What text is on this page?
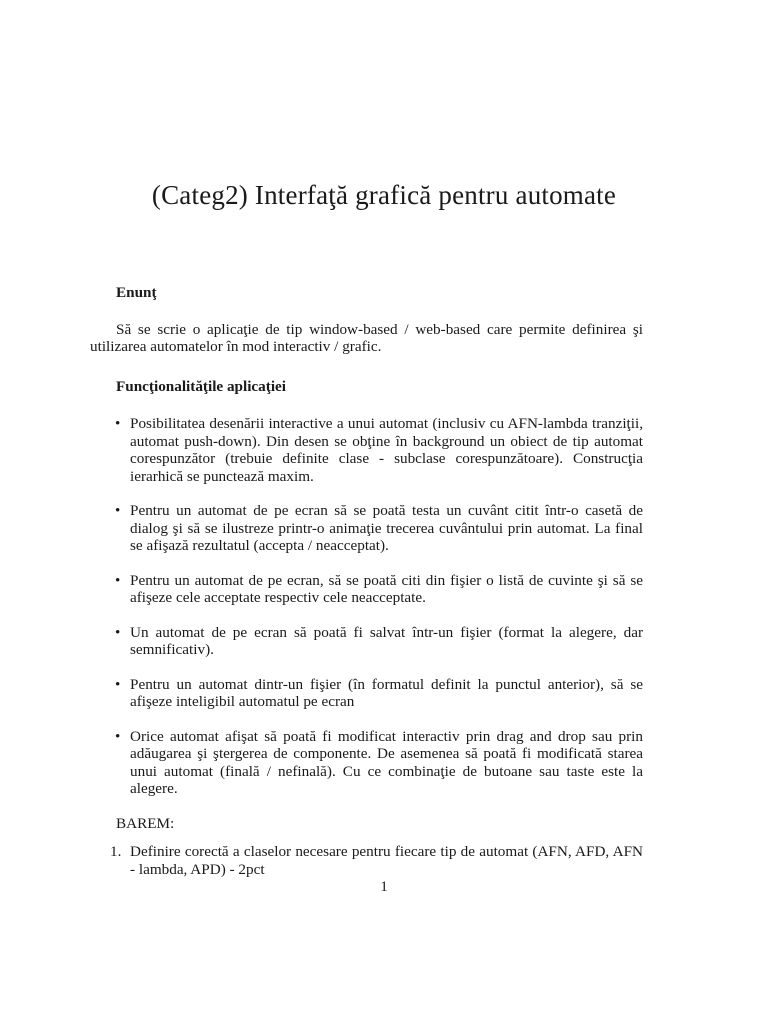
(Categ2) Interfaţă grafică pentru automate
Enunţ

Să se scrie o aplicaţie de tip window-based / web-based care permite definirea şi utilizarea automatelor în mod interactiv / grafic.

Funcţionalităţile aplicaţiei
• Posibilitatea desenării interactive a unui automat (inclusiv cu AFN-lambda tranziţii, automat push-down). Din desen se obţine în background un obiect de tip automat corespunzător (trebuie definite clase - subclase corespunzătoare). Construcţia ierarhică se punctează maxim.
• Pentru un automat de pe ecran să se poată testa un cuvânt citit într-o casetă de dialog şi să se ilustreze printr-o animaţie trecerea cuvântului prin automat. La final se afişază rezultatul (accepta / neacceptat).
• Pentru un automat de pe ecran, să se poată citi din fişier o listă de cuvinte şi să se afişeze cele acceptate respectiv cele neacceptate.
• Un automat de pe ecran să poată fi salvat într-un fişier (format la alegere, dar semnificativ).
• Pentru un automat dintr-un fişier (în formatul definit la punctul anterior), să se afişeze inteligibil automatul pe ecran
• Orice automat afişat să poată fi modificat interactiv prin drag and drop sau prin adăugarea şi ştergerea de componente. De asemenea să poată fi modificată starea unui automat (finală / nefinală). Cu ce combinaţie de butoane sau taste este la alegere.
BAREM:
1. Definire corectă a claselor necesare pentru fiecare tip de automat (AFN, AFD, AFN - lambda, APD) - 2pct
1
